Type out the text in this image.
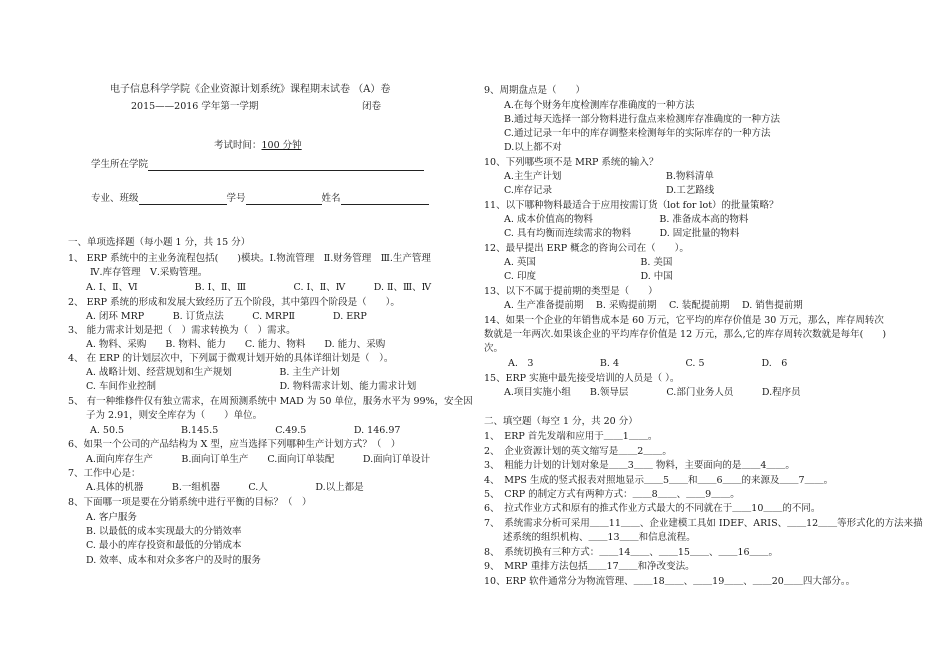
电子信息科学学院《企业资源计划系统》课程期末试卷 （A）卷
2015——2016 学年第一学期	闭卷
考试时间：100 分钟
学生所在学院
专业、班级	学号	姓名
一、单项选择题（每小题 1 分，共 15 分）
1、 ERP 系统中的主业务流程包括(　　)模块。Ⅰ.物流管理　Ⅱ.财务管理　Ⅲ.生产管理
Ⅳ.库存管理　Ⅴ.采购管理。
A. Ⅰ、Ⅱ、Ⅵ　　　　　　B. Ⅰ、Ⅱ、Ⅲ　　　　　C. Ⅰ、Ⅱ、Ⅳ　　　D. Ⅱ、Ⅲ、Ⅳ
2、 ERP 系统的形成和发展大致经历了五个阶段，其中第四个阶段是（　　）。
A. 闭环 MRP　　　B. 订货点法　　　C. MRPⅡ　　　　D. ERP
3、 能力需求计划是把（　）需求转换为（　）需求。
A. 物料、采购　　B. 物料、能力　　C. 能力、物料　　D. 能力、采购
4、 在 ERP 的计划层次中，下列属于微观计划开始的具体详细计划是（　）。
A. 战略计划、经营规划和生产规划　　　　　B. 主生产计划
C. 车间作业控制　　　　　　　　　　　　　D. 物料需求计划、能力需求计划
5、 有一种维修件仅有独立需求，在周预测系统中 MAD 为 50 单位，服务水平为 99%，安全因
子为 2.91，则安全库存为（　　）单位。
A. 50.5　　　　　　B.145.5　　　　　　C.49.5　　　　　D. 146.97
6、如果一个公司的产品结构为 X 型，应当选择下列哪种生产计划方式？（　）
A.面向库存生产　　　B.面向订单生产　　C.面向订单装配　　　D.面向订单设计
7、工作中心是：
A.具体的机器　　　B.一组机器　　　C.人　　　　　D.以上都是
8、下面哪一项是要在分销系统中进行平衡的目标？（　）
A. 客户服务
B. 以最低的成本实现最大的分销效率
C. 最小的库存投资和最低的分销成本
D. 效率、成本和对众多客户的及时的服务
9、周期盘点是（　　）
A.在每个财务年度检测库存准确度的一种方法
B.通过每天选择一部分物料进行盘点来检测库存准确度的一种方法
C.通过记录一年中的库存调整来检测每年的实际库存的一种方法
D.以上都不对
10、下列哪些项不是 MRP 系统的输入？
A.主生产计划　　　　　　　　　　　B.物料清单
C.库存记录　　　　　　　　　　　　D.工艺路线
11、以下哪种物料最适合于应用按需订货（lot for lot）的批量策略？
A. 成本价值高的物料　　　　　　　B. 准备成本高的物料
C. 具有均衡而连续需求的物料　　　D. 固定批量的物料
12、最早提出 ERP 概念的咨询公司在（　　）。
A. 英国　　　　　　　　　　　B. 美国
C. 印度　　　　　　　　　　　D. 中国
13、以下不属于提前期的类型是（　　）
A. 生产准备提前期　 B. 采购提前期　 C. 装配提前期　 D. 销售提前期
14、如果一个企业的年销售成本是 60 万元，它平均的库存价值是 30 万元，那么，库存周转次
数就是一年两次.如果该企业的平均库存价值是 12 万元，那么,它的库存周转次数就是每年(　　)
次。
A.　3　　　　　　　B. 4　　　　　　　C. 5　　　　　　D.　6
15、ERP 实施中最先接受培训的人员是（ ）。
A.项目实施小组　　B.领导层　　　　C.部门业务人员　　　D.程序员
二、填空题（每空 1 分，共 20 分）
1、　ERP 首先发端和应用于＿＿1＿＿。
2、　企业资源计划的英文缩写是＿＿2＿＿。
3、　粗能力计划的计划对象是＿＿3＿＿ 物料，主要面向的是＿＿4＿＿。
4、　MPS 生成的竖式报表对照地显示＿＿5＿＿和＿＿6＿＿的来源及＿＿7＿＿。
5、　CRP 的制定方式有两种方式：＿＿8＿＿、＿＿9＿＿。
6、　拉式作业方式和原有的推式作业方式最大的不同就在于＿＿10＿＿的不同。
7、　系统需求分析可采用＿＿11＿＿、企业建模工具如 IDEF、ARIS、＿＿12＿＿等形式化的方法来描
　　述系统的组织机构、＿＿13＿＿和信息流程。
8、　系统切换有三种方式：＿＿14＿＿、＿＿15＿＿、＿＿16＿＿。
9、　MRP 重排方法包括＿＿17＿＿和净改变法。
10、ERP 软件通常分为物流管理、＿＿18＿＿、＿＿19＿＿、＿＿20＿＿四大部分。。
